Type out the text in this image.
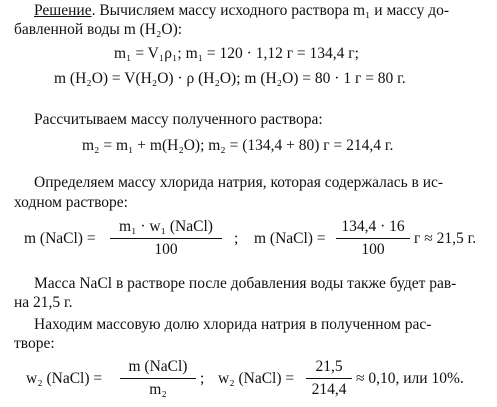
Решение. Вычисляем массу исходного раствора m₁ и массу до-
бавленной воды m (H₂O):
m₁ = V₁ρ₁; m₁ = 120 · 1,12 г = 134,4 г;
m (H₂O) = V(H₂O) · ρ (H₂O); m (H₂O) = 80 · 1 г = 80 г.
Рассчитываем массу полученного раствора:
m₂ = m₁ + m(H₂O); m₂ = (134,4 + 80) г = 214,4 г.
Определяем массу хлорида натрия, которая содержалась в ис-
ходном растворе:
m (NaCl) =
m₁ · w₁ (NaCl)
100
; m (NaCl) =
134,4 · 16
100
г ≈ 21,5 г.
Масса NaCl в растворе после добавления воды также будет рав-
на 21,5 г.
Находим массовую долю хлорида натрия в полученном рас-
творе:
w₂ (NaCl) =
m (NaCl)
m₂
; w₂ (NaCl) =
21,5
214,4
≈ 0,10, или 10%.
